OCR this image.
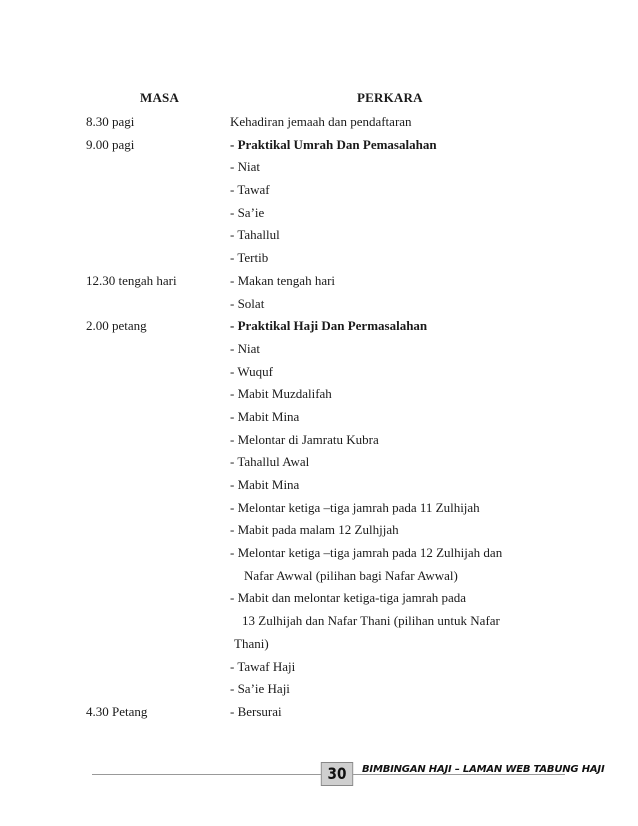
MASA	PERKARA
8.30 pagi	Kehadiran jemaah dan pendaftaran
9.00 pagi	- Praktikal Umrah Dan Pemasalahan
- Niat
- Tawaf
- Sa’ie
- Tahallul
- Tertib
12.30 tengah hari	- Makan tengah hari
- Solat
2.00 petang	- Praktikal Haji Dan Permasalahan
- Niat
- Wuquf
- Mabit Muzdalifah
- Mabit Mina
- Melontar di Jamratu Kubra
- Tahallul Awal
- Mabit Mina
- Melontar ketiga –tiga jamrah pada 11 Zulhijah
- Mabit pada malam 12 Zulhjjah
- Melontar ketiga –tiga jamrah pada 12 Zulhijah dan
Nafar Awwal (pilihan bagi Nafar Awwal)
- Mabit dan melontar ketiga-tiga jamrah pada
13 Zulhijah dan Nafar Thani (pilihan untuk Nafar
Thani)
- Tawaf Haji
- Sa’ie Haji
4.30 Petang	- Bersurai
30	BIMBINGAN HAJI – LAMAN WEB TABUNG HAJI
